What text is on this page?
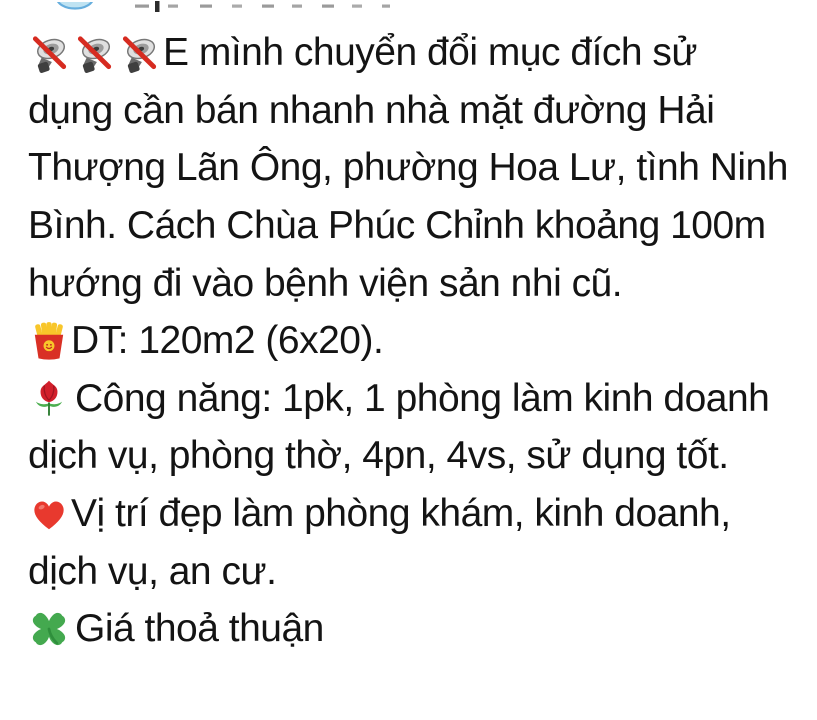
E mình chuyển đổi mục đích sử
dụng cần bán nhanh nhà mặt đường Hải
Thượng Lãn Ông, phường Hoa Lư, tình Ninh
Bình. Cách Chùa Phúc Chỉnh khoảng 100m
hướng đi vào bệnh viện sản nhi cũ.
DT: 120m2 (6x20).
Công năng: 1pk, 1 phòng làm kinh doanh
dịch vụ, phòng thờ, 4pn, 4vs, sử dụng tốt.
Vị trí đẹp làm phòng khám, kinh doanh,
dịch vụ, an cư.
Giá thoả thuận
